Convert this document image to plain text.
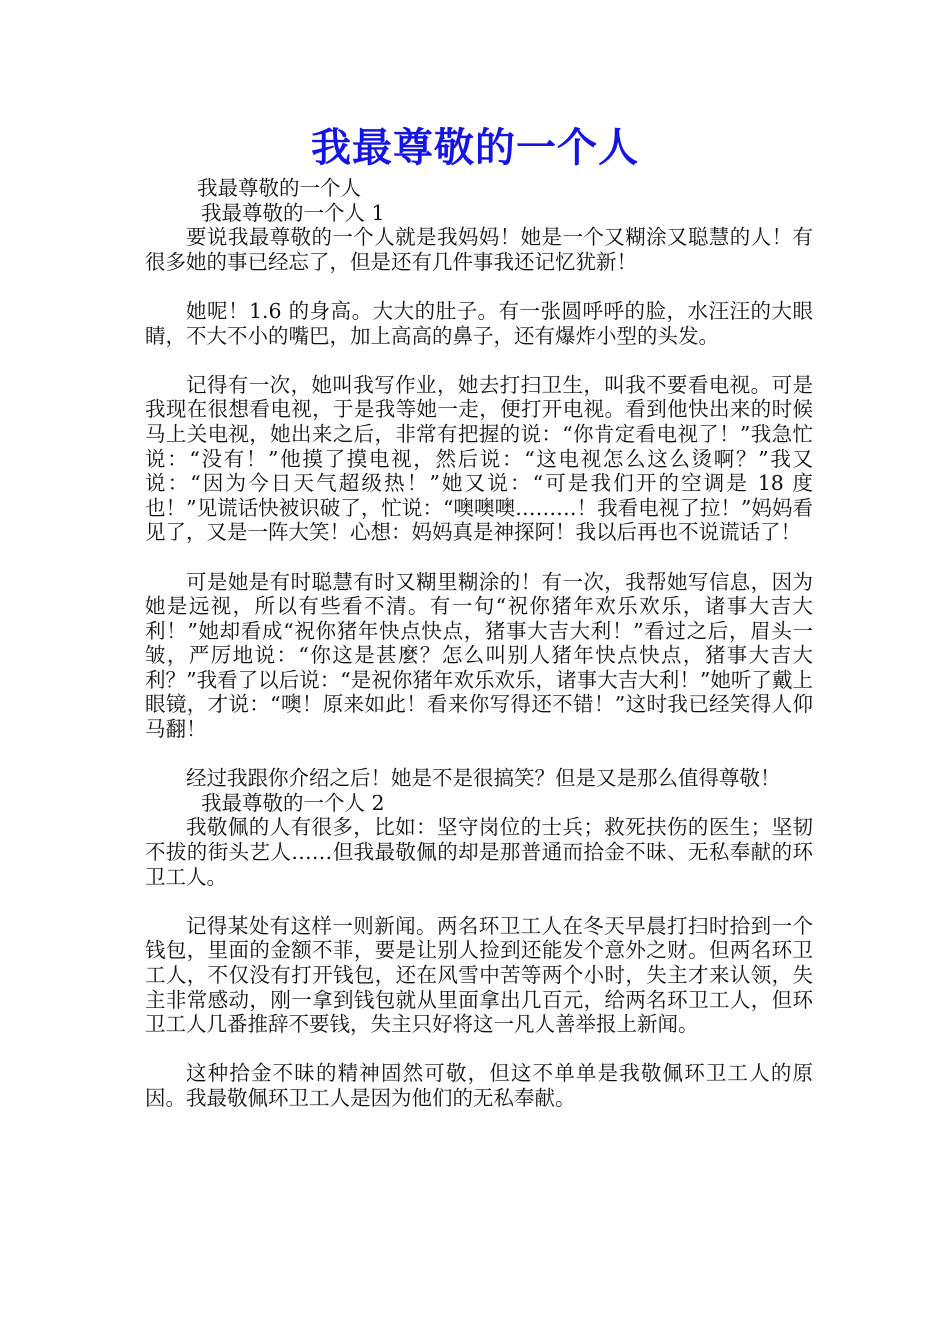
我最尊敬的一个人

我最尊敬的一个人

我最尊敬的一个人 1

要说我最尊敬的一个人就是我妈妈！她是一个又糊涂又聪慧的人！有很多她的事已经忘了，但是还有几件事我还记忆犹新！

她呢！1.6 的身高。大大的肚子。有一张圆呼呼的脸，水汪汪的大眼睛，不大不小的嘴巴，加上高高的鼻子，还有爆炸小型的头发。

记得有一次，她叫我写作业，她去打扫卫生，叫我不要看电视。可是我现在很想看电视，于是我等她一走，便打开电视。看到他快出来的时候马上关电视，她出来之后，非常有把握的说：“你肯定看电视了！”我急忙说：“没有！”他摸了摸电视，然后说：“这电视怎么这么烫啊？”我又说：“因为今日天气超级热！”她又说：“可是我们开的空调是 18 度也！”见谎话快被识破了，忙说：“噢噢噢………！我看电视了拉！”妈妈看见了，又是一阵大笑！心想：妈妈真是神探阿！我以后再也不说谎话了！

可是她是有时聪慧有时又糊里糊涂的！有一次，我帮她写信息，因为她是远视，所以有些看不清。有一句“祝你猪年欢乐欢乐，诸事大吉大利！”她却看成“祝你猪年快点快点，猪事大吉大利！”看过之后，眉头一皱，严厉地说：“你这是甚麼？怎么叫别人猪年快点快点，猪事大吉大利？”我看了以后说：“是祝你猪年欢乐欢乐，诸事大吉大利！”她听了戴上眼镜，才说：“噢！原来如此！看来你写得还不错！”这时我已经笑得人仰马翻！

经过我跟你介绍之后！她是不是很搞笑？但是又是那么值得尊敬！

我最尊敬的一个人 2

我敬佩的人有很多，比如：坚守岗位的士兵；救死扶伤的医生；坚韧不拔的街头艺人……但我最敬佩的却是那普通而拾金不昧、无私奉献的环卫工人。

记得某处有这样一则新闻。两名环卫工人在冬天早晨打扫时拾到一个钱包，里面的金额不菲，要是让别人捡到还能发个意外之财。但两名环卫工人，不仅没有打开钱包，还在风雪中苦等两个小时，失主才来认领，失主非常感动，刚一拿到钱包就从里面拿出几百元，给两名环卫工人，但环卫工人几番推辞不要钱，失主只好将这一凡人善举报上新闻。

这种拾金不昧的精神固然可敬，但这不单单是我敬佩环卫工人的原因。我最敬佩环卫工人是因为他们的无私奉献。
